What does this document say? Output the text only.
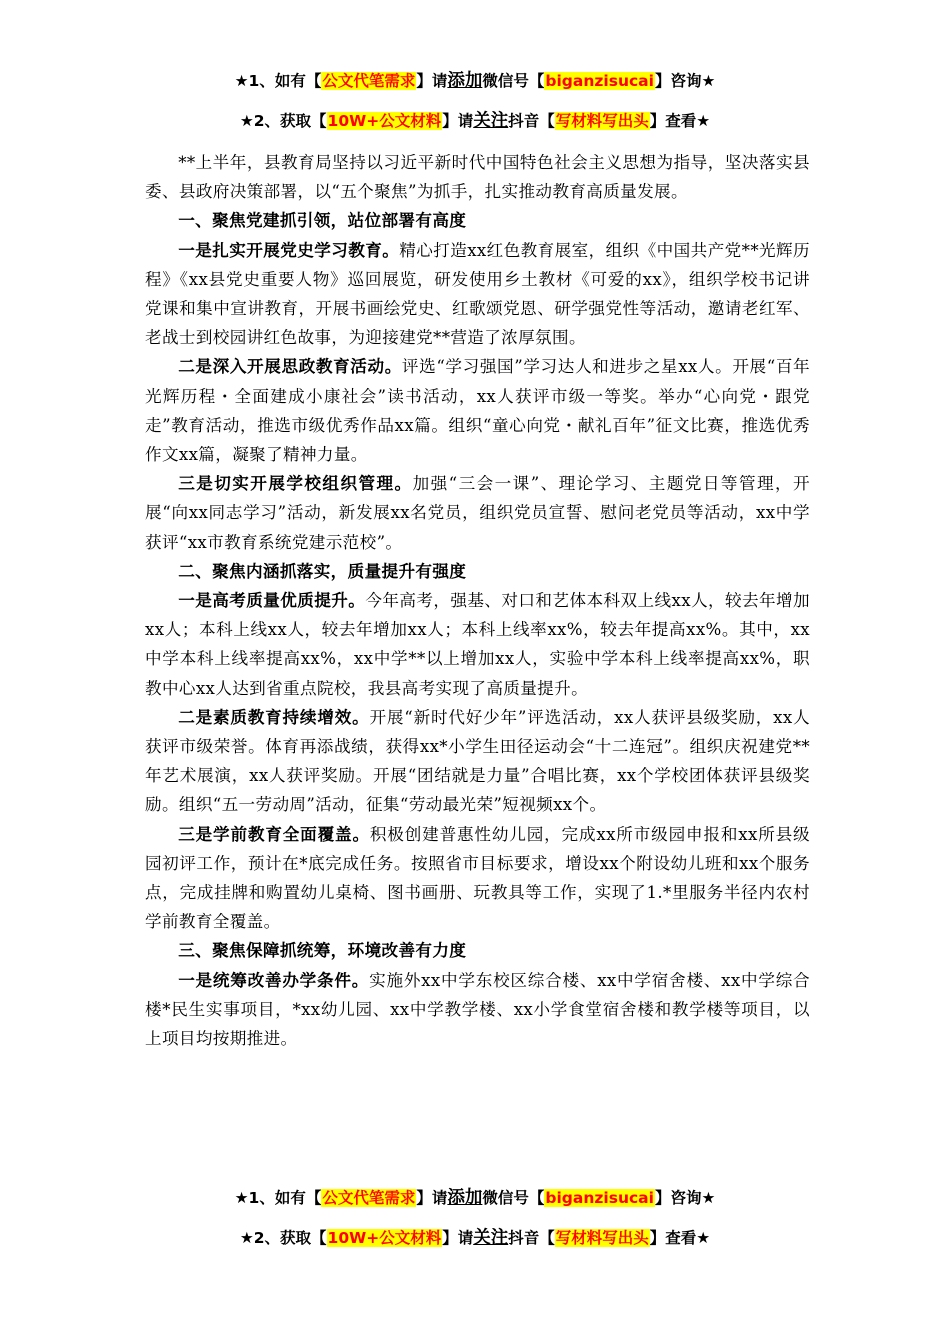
★1、如有【公文代笔需求】请添加微信号【biganzisucai】咨询★
★2、获取【10W+公文材料】请关注抖音【写材料写出头】查看★

**上半年，县教育局坚持以习近平新时代中国特色社会主义思想为指导，坚决落实县委、县政府决策部署，以“五个聚焦”为抓手，扎实推动教育高质量发展。

一、聚焦党建抓引领，站位部署有高度

一是扎实开展党史学习教育。精心打造xx红色教育展室，组织《中国共产党**光辉历程》《xx县党史重要人物》巡回展览，研发使用乡土教材《可爱的xx》，组织学校书记讲党课和集中宣讲教育，开展书画绘党史、红歌颂党恩、研学强党性等活动，邀请老红军、老战士到校园讲红色故事，为迎接建党**营造了浓厚氛围。

二是深入开展思政教育活动。评选“学习强国”学习达人和进步之星xx人。开展“百年光辉历程・全面建成小康社会”读书活动，xx人获评市级一等奖。举办“心向党・跟党走”教育活动，推选市级优秀作品xx篇。组织“童心向党・献礼百年”征文比赛，推选优秀作文xx篇，凝聚了精神力量。

三是切实开展学校组织管理。加强“三会一课”、理论学习、主题党日等管理，开展“向xx同志学习”活动，新发展xx名党员，组织党员宣誓、慰问老党员等活动，xx中学获评“xx市教育系统党建示范校”。

二、聚焦内涵抓落实，质量提升有强度

一是高考质量优质提升。今年高考，强基、对口和艺体本科双上线xx人，较去年增加xx人；本科上线xx人，较去年增加xx人；本科上线率xx%，较去年提高xx%。其中，xx中学本科上线率提高xx%，xx中学**以上增加xx人，实验中学本科上线率提高xx%，职教中心xx人达到省重点院校，我县高考实现了高质量提升。

二是素质教育持续增效。开展“新时代好少年”评选活动，xx人获评县级奖励，xx人获评市级荣誉。体育再添战绩，获得xx*小学生田径运动会“十二连冠”。组织庆祝建党**年艺术展演，xx人获评奖励。开展“团结就是力量”合唱比赛，xx个学校团体获评县级奖励。组织“五一劳动周”活动，征集“劳动最光荣”短视频xx个。

三是学前教育全面覆盖。积极创建普惠性幼儿园，完成xx所市级园申报和xx所县级园初评工作，预计在*底完成任务。按照省市目标要求，增设xx个附设幼儿班和xx个服务点，完成挂牌和购置幼儿桌椅、图书画册、玩教具等工作，实现了1.*里服务半径内农村学前教育全覆盖。

三、聚焦保障抓统筹，环境改善有力度

一是统筹改善办学条件。实施外xx中学东校区综合楼、xx中学宿舍楼、xx中学综合楼*民生实事项目，*xx幼儿园、xx中学教学楼、xx小学食堂宿舍楼和教学楼等项目，以上项目均按期推进。

★1、如有【公文代笔需求】请添加微信号【biganzisucai】咨询★
★2、获取【10W+公文材料】请关注抖音【写材料写出头】查看★
